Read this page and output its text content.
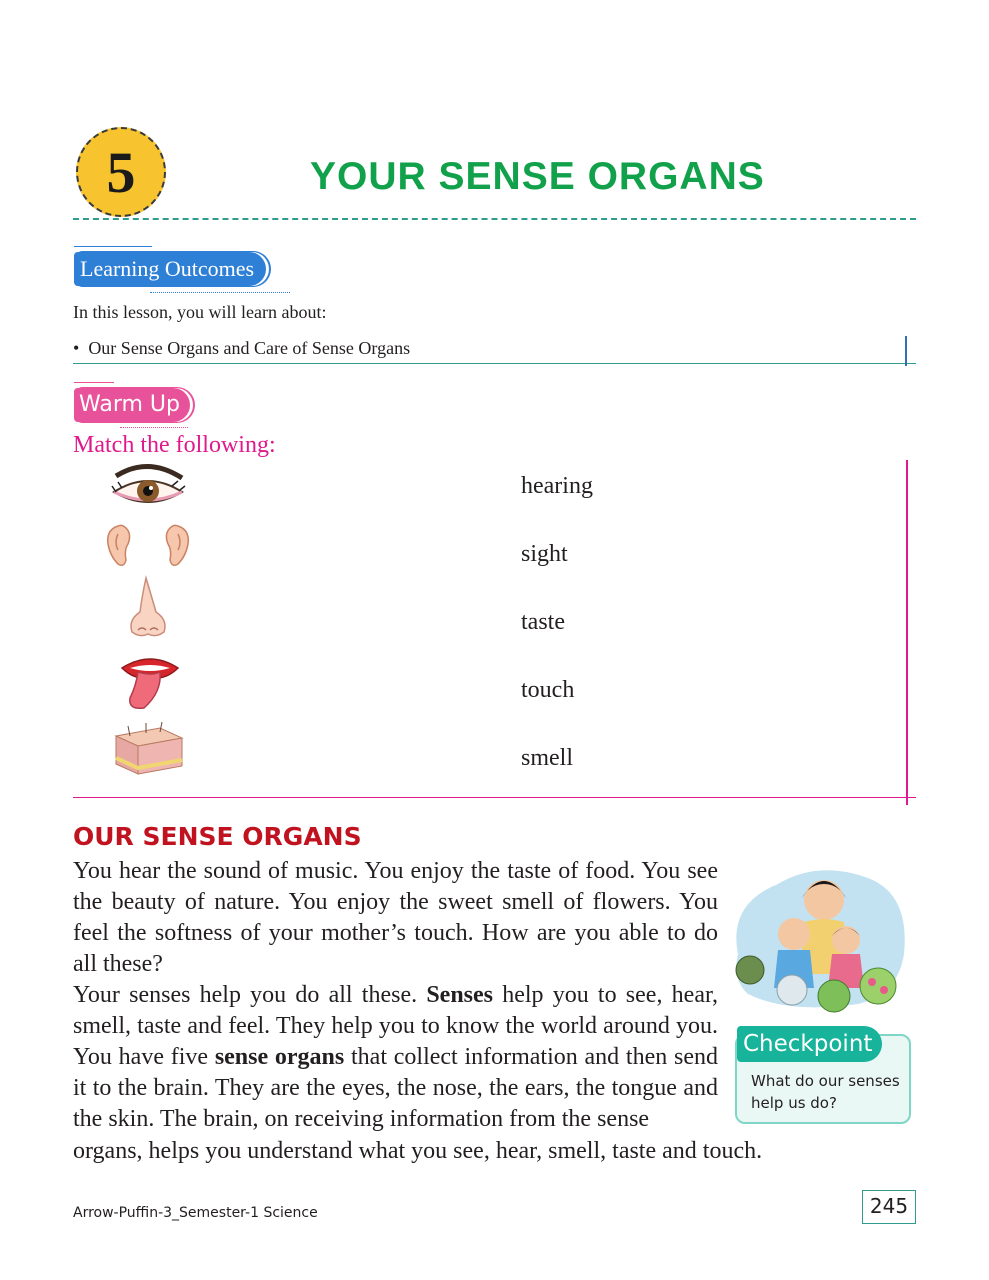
5	YOUR SENSE ORGANS
Learning Outcomes
In this lesson, you will learn about:
•  Our Sense Organs and Care of Sense Organs
Warm Up
Match the following:
hearing
sight
taste
touch
smell
OUR SENSE ORGANS

You hear the sound of music. You enjoy the taste of food. You see the beauty of nature. You enjoy the sweet smell of flowers. You feel the softness of your mother’s touch. How are you able to do all these?

Your senses help you do all these. Senses help you to see, hear, smell, taste and feel. They help you to know the world around you. You have five sense organs that collect information and then send it to the brain. They are the eyes, the nose, the ears, the tongue and the skin. The brain, on receiving information from the sense

organs, helps you understand what you see, hear, smell, taste and touch.
Checkpoint
What do our senses help us do?
Arrow-Puffin-3_Semester-1 Science	245
